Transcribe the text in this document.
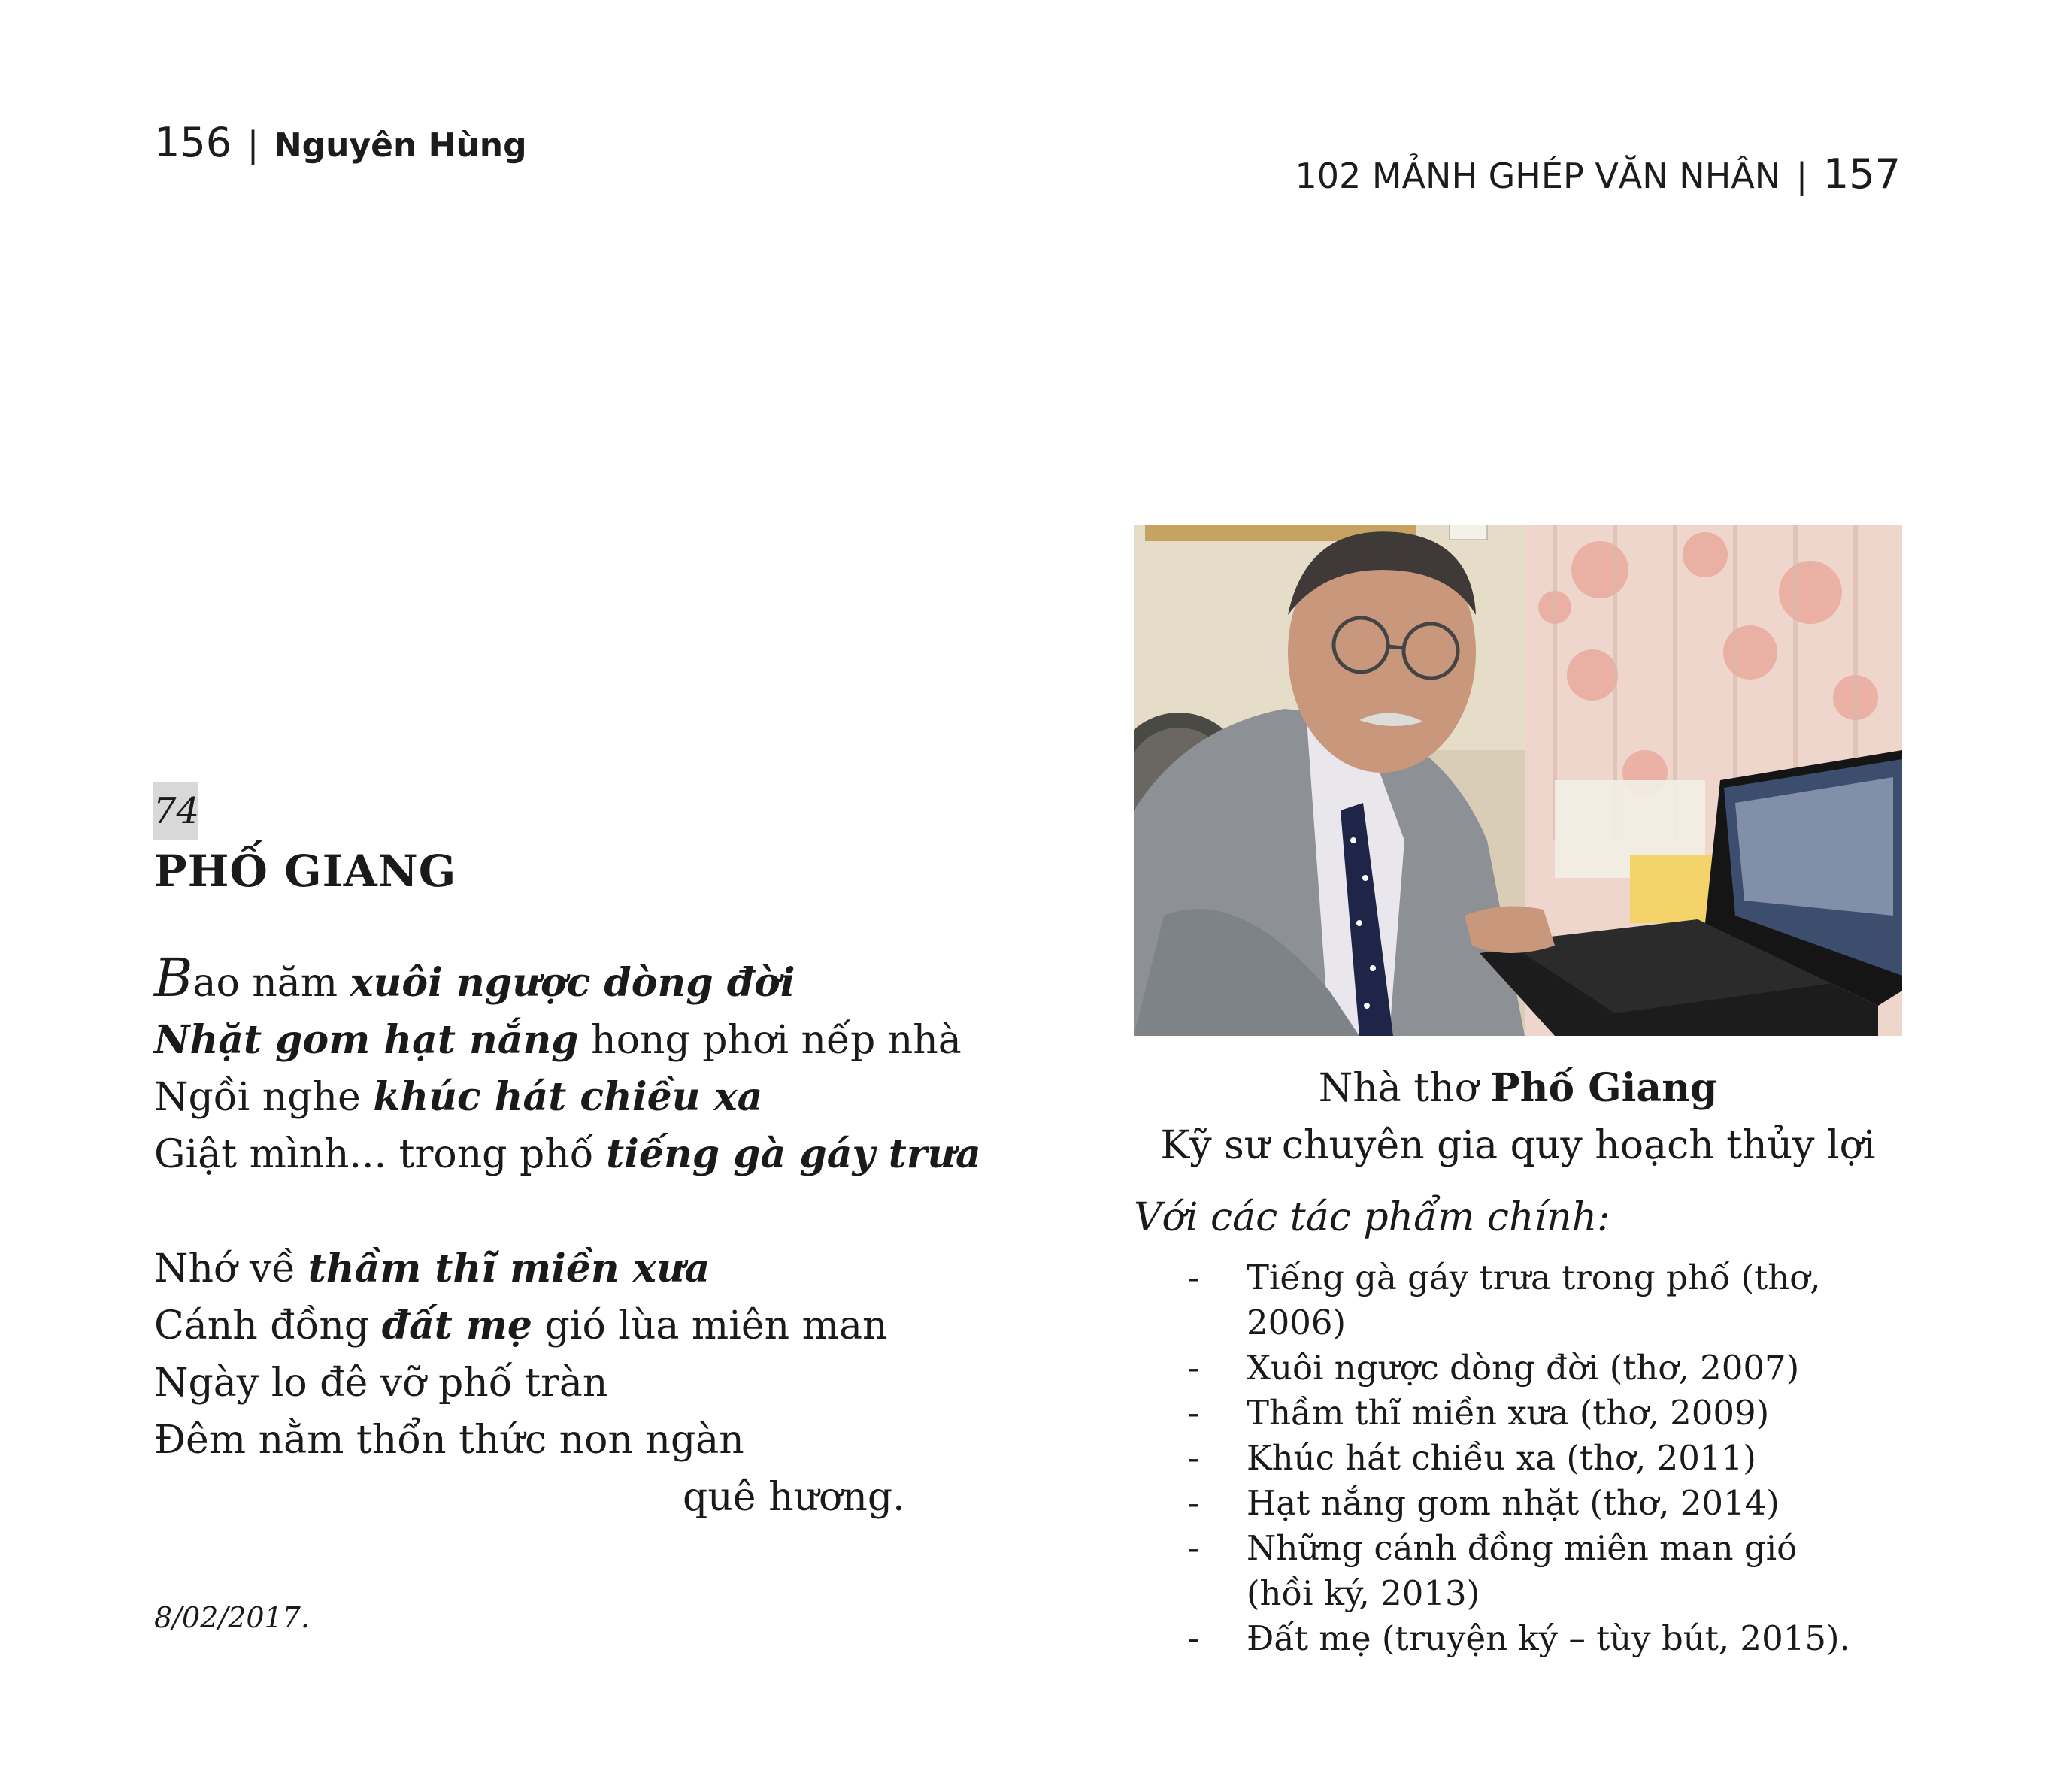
156 | Nguyên Hùng
102 MẢNH GHÉP VĂN NHÂN | 157
74
PHỐ GIANG
Bao năm xuôi ngược dòng đời
Nhặt gom hạt nắng hong phơi nếp nhà
Ngồi nghe khúc hát chiều xa
Giật mình... trong phố tiếng gà gáy trưa
Nhớ về thầm thĩ miền xưa
Cánh đồng đất mẹ gió lùa miên man
Ngày lo đê vỡ phố tràn
Đêm nằm thổn thức non ngàn
quê hương.
8/02/2017.
Nhà thơ Phố Giang
Kỹ sư chuyên gia quy hoạch thủy lợi
Với các tác phẩm chính:
-	Tiếng gà gáy trưa trong phố (thơ, 2006)
-	Xuôi ngược dòng đời (thơ, 2007)
-	Thầm thĩ miền xưa (thơ, 2009)
-	Khúc hát chiều xa (thơ, 2011)
-	Hạt nắng gom nhặt (thơ, 2014)
-	Những cánh đồng miên man gió
(hồi ký, 2013)
-	Đất mẹ (truyện ký – tùy bút, 2015).
